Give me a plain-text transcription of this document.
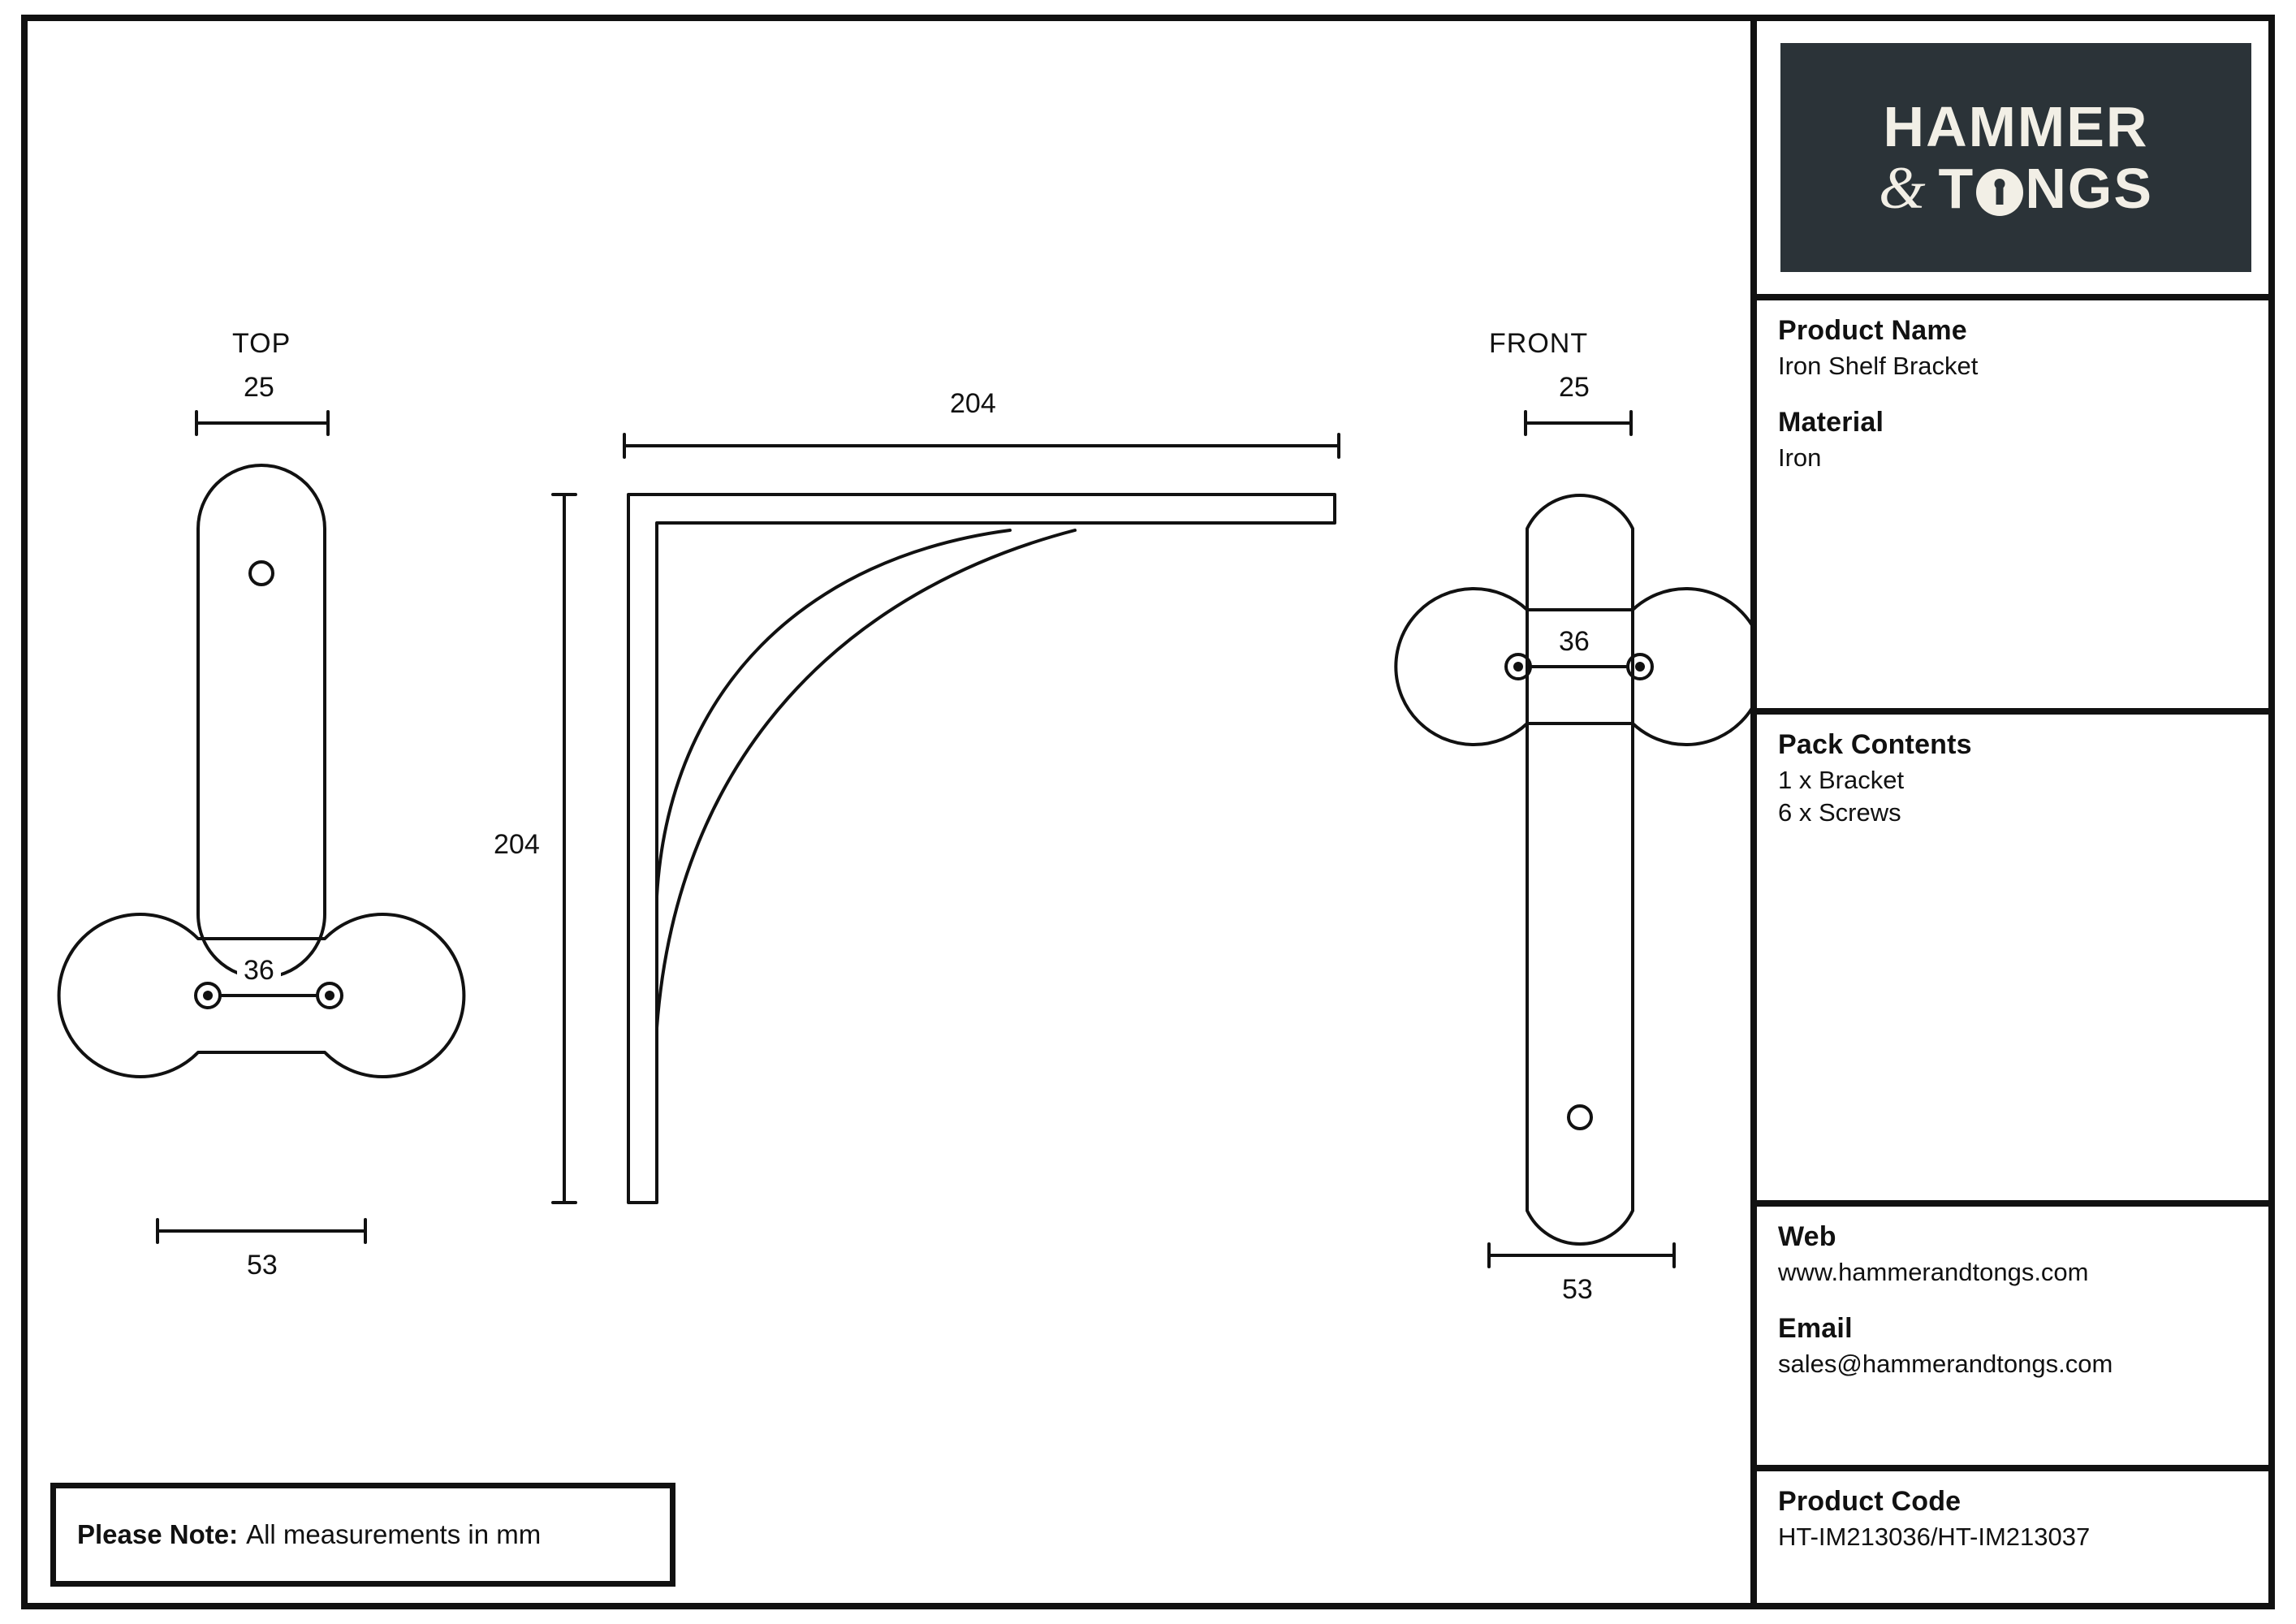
TOP	FRONT
25
36
53
204
204
25
36
53
Please Note: All measurements in mm
HAMMER
& T NGS

Product Name

Iron Shelf Bracket

Material

Iron

Pack Contents

1 x Bracket

6 x Screws

Web

www.hammerandtongs.com

Email

sales@hammerandtongs.com

Product Code

HT-IM213036/HT-IM213037
